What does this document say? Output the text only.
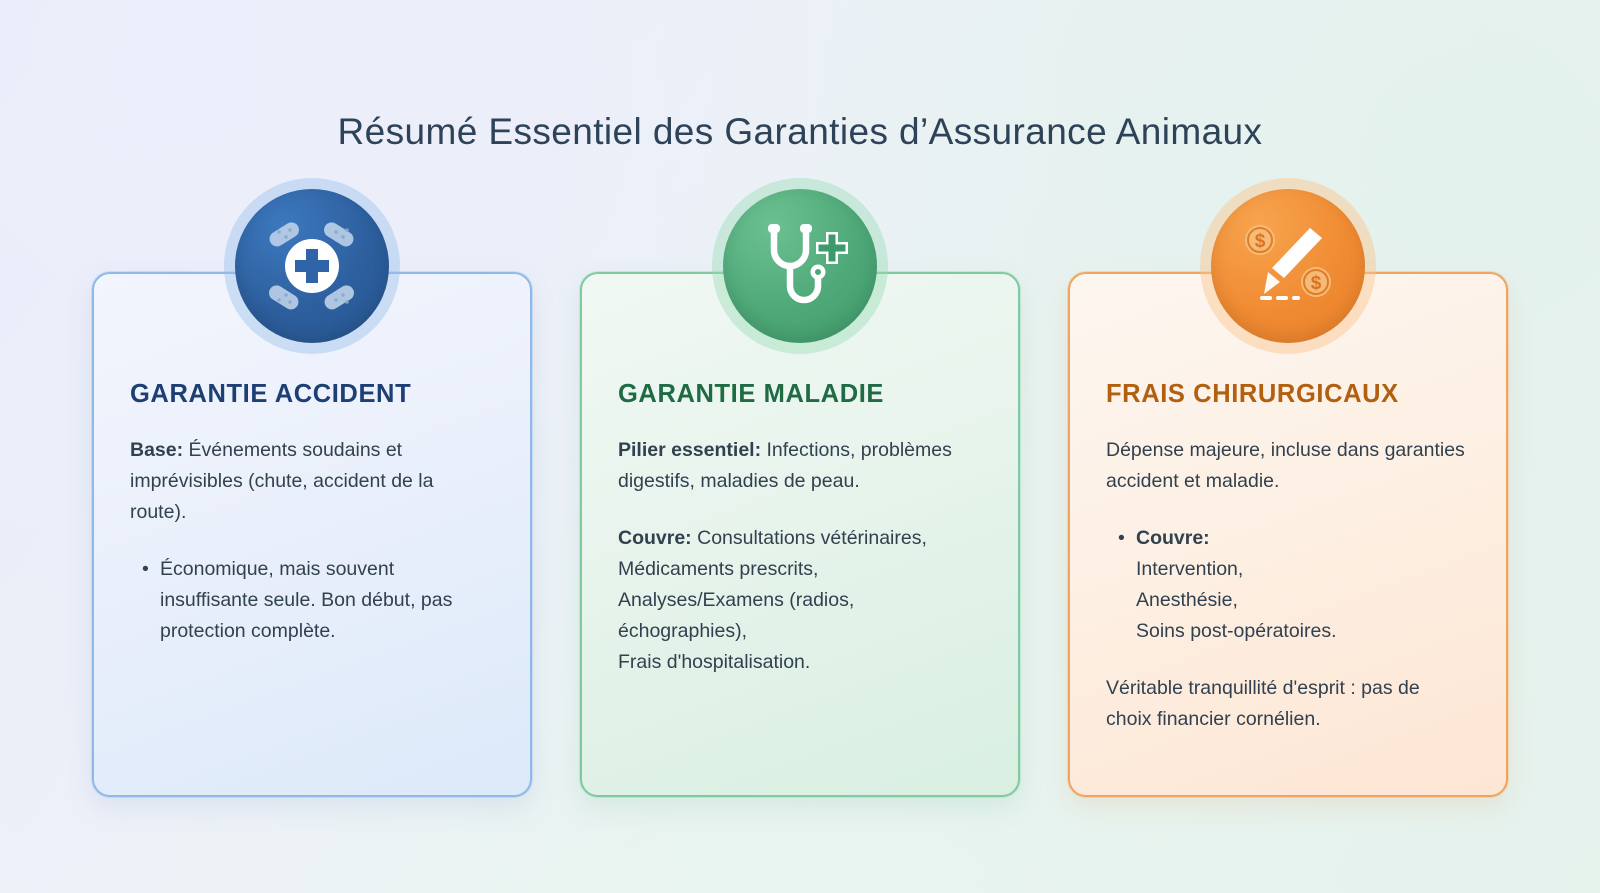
Résumé Essentiel des Garanties d’Assurance Animaux
GARANTIE ACCIDENT

Base: Événements soudains et imprévisibles (chute, accident de la route).

• Économique, mais souvent insuffisante seule. Bon début, pas protection complète.
GARANTIE MALADIE

Pilier essentiel: Infections, problèmes digestifs, maladies de peau.

Couvre: Consultations vétérinaires,

Médicaments prescrits,
Analyses/Examens (radios, échographies),
Frais d'hospitalisation.

$
$
FRAIS CHIRURGICAUX

Dépense majeure, incluse dans garanties accident et maladie.

• Couvre:
Intervention,
Anesthésie,
Soins post-opératoires.

Véritable tranquillité d'esprit : pas de choix financier cornélien.
